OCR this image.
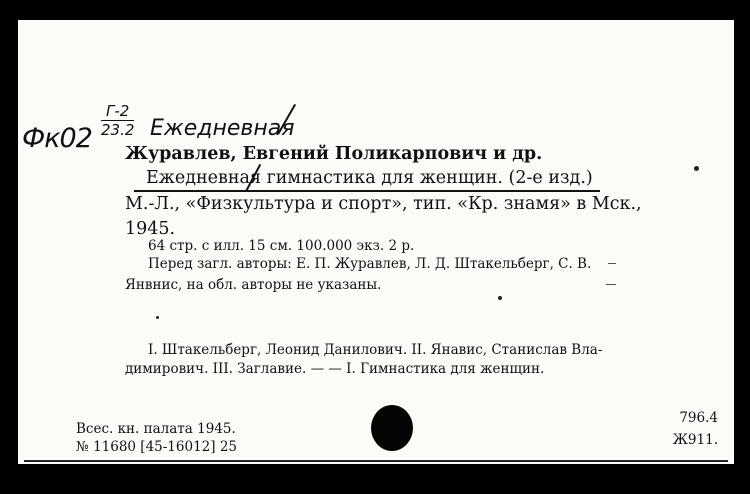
Фк02
Г-2
23.2 Ежедневная
Журавлев, Евгений Поликарпович и др.
Ежедневная гимнастика для женщин. (2-е изд.)
М.-Л., «Физкультура и спорт», тип. «Кр. знамя» в Мск.,
1945.
64 стр. с илл. 15 см. 100.000 экз. 2 р.
Перед загл. авторы: Е. П. Журавлев, Л. Д. Штакельберг, С. В.
Янвнис, на обл. авторы не указаны.
I. Штакельберг, Леонид Данилович. II. Янавис, Станислав Вла-
димирович. III. Заглавие. — — I. Гимнастика для женщин.
Всес. кн. палата 1945.
№ 11680 [45-16012] 25
796.4
Ж911.
